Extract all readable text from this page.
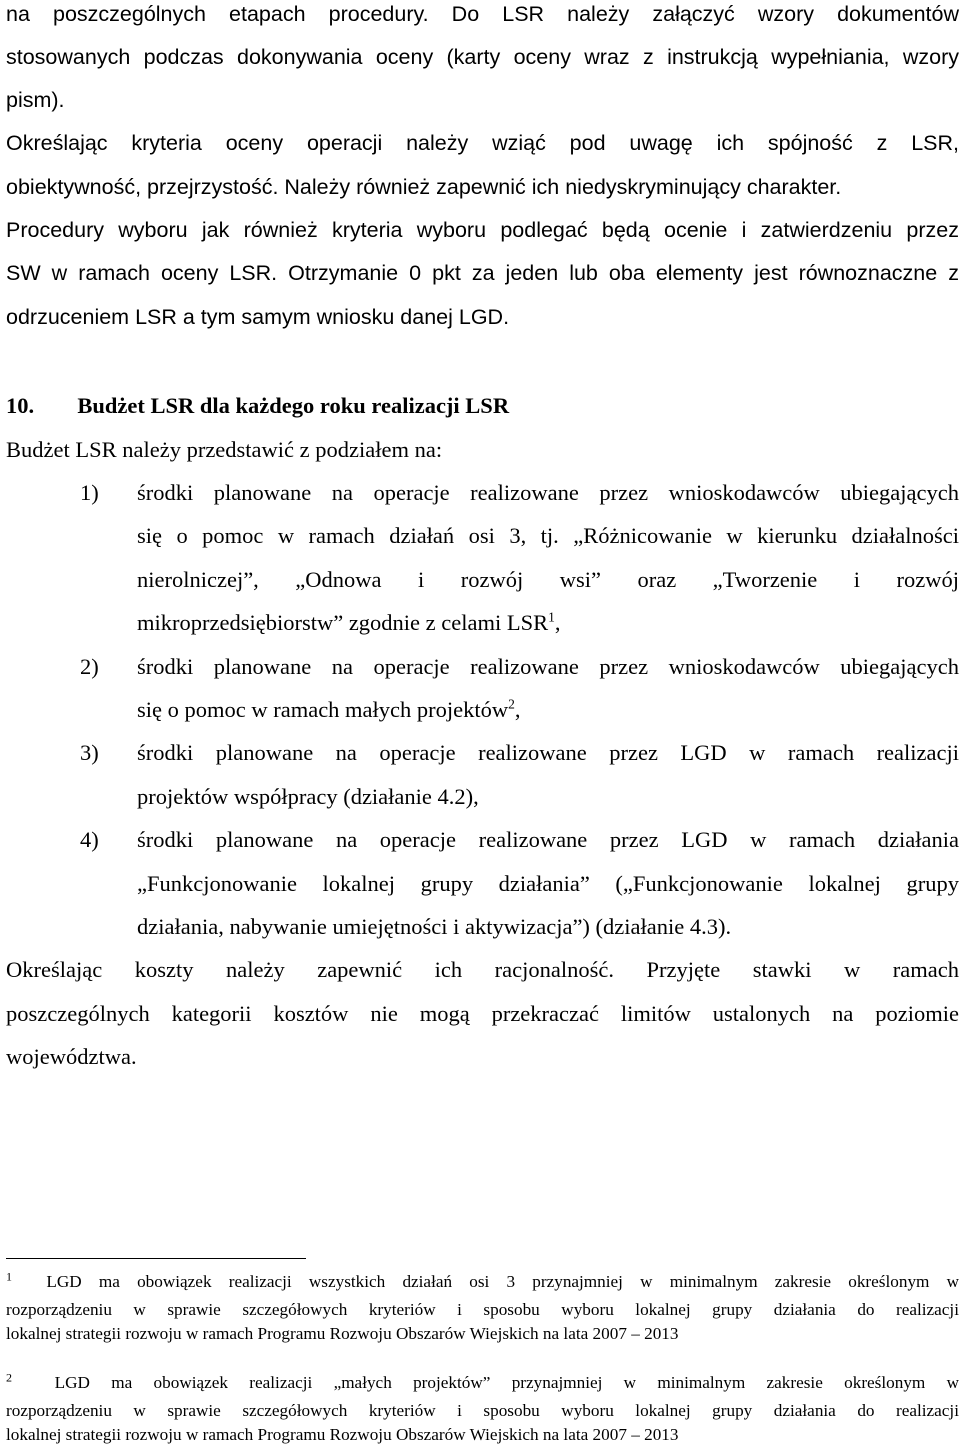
na poszczególnych etapach procedury. Do LSR należy załączyć wzory dokumentów
stosowanych podczas dokonywania oceny (karty oceny wraz z instrukcją wypełniania, wzory
pism).
Określając kryteria oceny operacji należy wziąć pod uwagę ich spójność z LSR,
obiektywność, przejrzystość. Należy również zapewnić ich niedyskryminujący charakter.
Procedury wyboru jak również kryteria wyboru podlegać będą ocenie i zatwierdzeniu przez
SW w ramach oceny LSR. Otrzymanie 0 pkt za jeden lub oba elementy jest równoznaczne z
odrzuceniem LSR a tym samym wniosku danej LGD.
10. Budżet LSR dla każdego roku realizacji LSR
Budżet LSR należy przedstawić z podziałem na:
1) środki planowane na operacje realizowane przez wnioskodawców ubiegających
się o pomoc w ramach działań osi 3, tj. „Różnicowanie w kierunku działalności
nierolniczej”, „Odnowa i rozwój wsi” oraz „Tworzenie i rozwój
mikroprzedsiębiorstw” zgodnie z celami LSR$^1$,
2) środki planowane na operacje realizowane przez wnioskodawców ubiegających
się o pomoc w ramach małych projektów$^2$,
3) środki planowane na operacje realizowane przez LGD w ramach realizacji
projektów współpracy (działanie 4.2),
4) środki planowane na operacje realizowane przez LGD w ramach działania
„Funkcjonowanie lokalnej grupy działania” („Funkcjonowanie lokalnej grupy
działania, nabywanie umiejętności i aktywizacja”) (działanie 4.3).
Określając koszty należy zapewnić ich racjonalność. Przyjęte stawki w ramach
poszczególnych kategorii kosztów nie mogą przekraczać limitów ustalonych na poziomie
województwa.
$^1$ LGD ma obowiązek realizacji wszystkich działań osi 3 przynajmniej w minimalnym zakresie określonym w
rozporządzeniu w sprawie szczegółowych kryteriów i sposobu wyboru lokalnej grupy działania do realizacji
lokalnej strategii rozwoju w ramach Programu Rozwoju Obszarów Wiejskich na lata 2007 – 2013
$^2$ LGD ma obowiązek realizacji „małych projektów” przynajmniej w minimalnym zakresie określonym w
rozporządzeniu w sprawie szczegółowych kryteriów i sposobu wyboru lokalnej grupy działania do realizacji
lokalnej strategii rozwoju w ramach Programu Rozwoju Obszarów Wiejskich na lata 2007 – 2013
